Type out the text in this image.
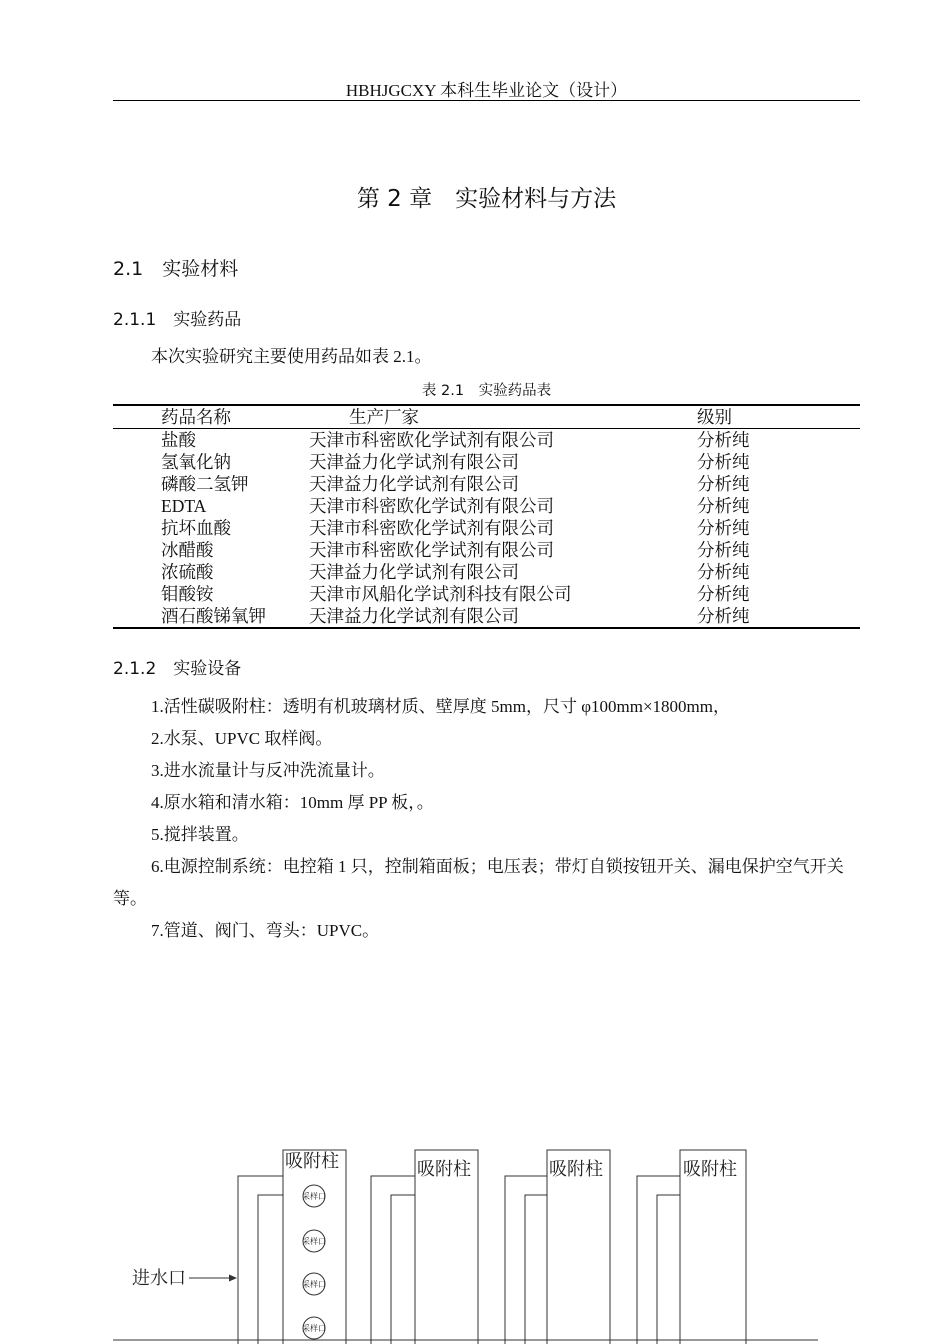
HBHJGCXY 本科生毕业论文（设计）
第 2 章　实验材料与方法
2.1　实验材料
2.1.1　实验药品
本次实验研究主要使用药品如表 2.1。
表 2.1　实验药品表
药品名称	生产厂家	级别
盐酸	天津市科密欧化学试剂有限公司	分析纯
氢氧化钠	天津益力化学试剂有限公司	分析纯
磷酸二氢钾	天津益力化学试剂有限公司	分析纯
EDTA	天津市科密欧化学试剂有限公司	分析纯
抗坏血酸	天津市科密欧化学试剂有限公司	分析纯
冰醋酸	天津市科密欧化学试剂有限公司	分析纯
浓硫酸	天津益力化学试剂有限公司	分析纯
钼酸铵	天津市风船化学试剂科技有限公司	分析纯
酒石酸锑氧钾	天津益力化学试剂有限公司	分析纯
2.1.2　实验设备
1.活性碳吸附柱：透明有机玻璃材质、壁厚度 5mm，尺寸 φ100mm×1800mm，
2.水泵、UPVC 取样阀。
3.进水流量计与反冲洗流量计。
4.原水箱和清水箱：10mm 厚 PP 板，。
5.搅拌装置。
6.电源控制系统：电控箱 1 只，控制箱面板；电压表；带灯自锁按钮开关、漏电保护空气开关等。
7.管道、阀门、弯头：UPVC。
吸附柱	吸附柱	吸附柱	吸附柱
进水口
采样口
采样口
采样口
采样口
